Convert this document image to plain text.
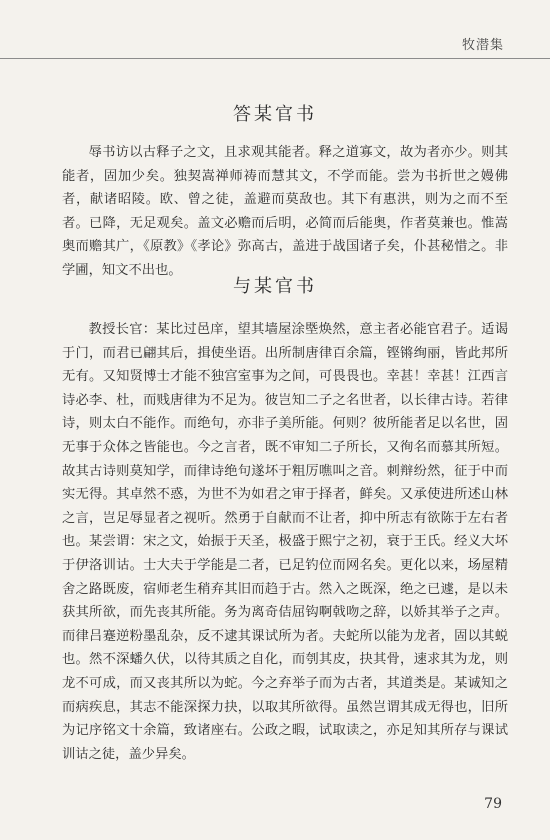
牧潜集
答某官书

辱书访以古释子之文，且求观其能者。释之道寡文，故为者亦少。则其能者，固加少矣。独契嵩禅师祷而慧其文，不学而能。尝为书折世之嫚佛者，献诸昭陵。欧、曾之徒，盖避而莫敌也。其下有惠洪，则为之而不至者。已降，无足观矣。盖文必赡而后明，必简而后能奥，作者莫兼也。惟嵩奥而赡其广，《原教》《孝论》弥高古，盖进于战国诸子矣，仆甚秘惜之。非学圃，知文不出也。

与某官书

教授长官：某比过邑庠，望其墙屋涂塈焕然，意主者必能官君子。适谒于门，而君已翩其后，揖使坐语。出所制唐律百余篇，铿锵绚丽，皆此邦所无有。又知贤博士才能不独宫室事为之间，可畏畏也。幸甚！幸甚！江西言诗必李、杜，而贱唐律为不足为。彼岂知二子之名世者，以长律古诗。若律诗，则太白不能作。而绝句，亦非子美所能。何则？彼所能者足以名世，固无事于众体之皆能也。今之言者，既不审知二子所长，又徇名而慕其所短。故其古诗则莫知学，而律诗绝句遂坏于粗厉噍叫之音。刺辩纷然，征于中而实无得。其卓然不惑，为世不为如君之审于择者，鲜矣。又承使进所述山林之言，岂足辱显者之视听。然勇于自献而不让者，抑中所志有欲陈于左右者也。某尝谓：宋之文，始振于天圣，极盛于熙宁之初，衰于王氏。经义大坏于伊洛训诂。士大夫于学能是二者，已足钓位而网名矣。更化以来，场屋精舍之路既废，宿师老生稍弃其旧而趋于古。然入之既深，绝之已遽，是以未获其所欲，而先丧其所能。务为离奇佶屈钩啊戟吻之辞，以娇其举子之声。而律吕蹇逆粉墨乱杂，反不逮其课试所为者。夫蛇所以能为龙者，固以其蜕也。然不深蟠久伏，以待其质之自化，而刳其皮，抉其骨，速求其为龙，则龙不可成，而又丧其所以为蛇。今之弃举子而为古者，其道类是。某诚知之而病疾息，其志不能深探力抉，以取其所欲得。虽然岂谓其成无得也，旧所为记序铭文十余篇，致诸座右。公政之暇，试取读之，亦足知其所存与课试训诂之徒，盖少异矣。

79
